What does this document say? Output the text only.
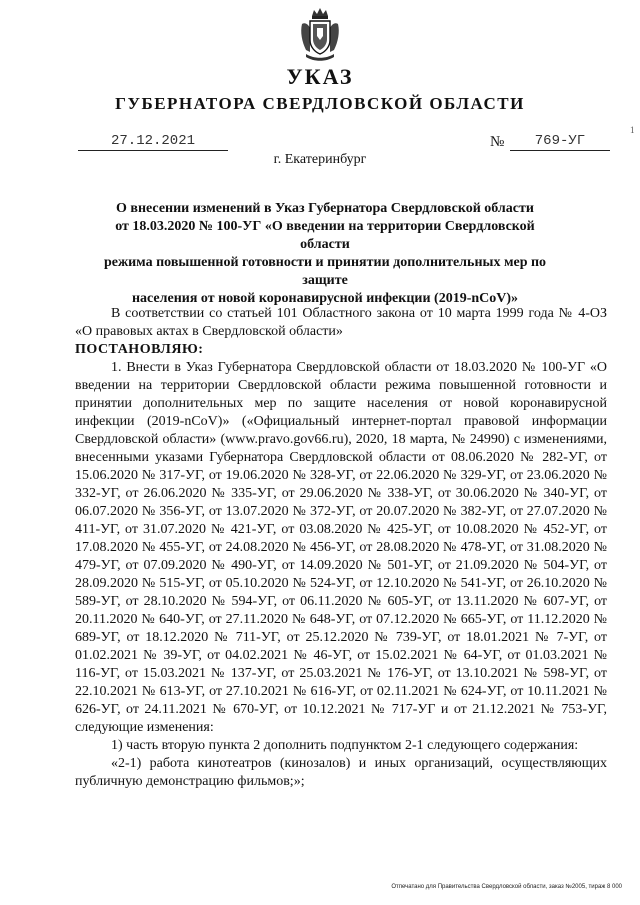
УКАЗ
ГУБЕРНАТОРА СВЕРДЛОВСКОЙ ОБЛАСТИ
27.12.2021	№	769-УГ
1
г. Екатеринбург
О внесении изменений в Указ Губернатора Свердловской области
от 18.03.2020 № 100-УГ «О введении на территории Свердловской области
режима повышенной готовности и принятии дополнительных мер по защите
населения от новой коронавирусной инфекции (2019-nCoV)»

В соответствии со статьей 101 Областного закона от 10 марта 1999 года № 4-ОЗ «О правовых актах в Свердловской области»

ПОСТАНОВЛЯЮ:

1. Внести в Указ Губернатора Свердловской области от 18.03.2020 № 100-УГ «О введении на территории Свердловской области режима повышенной готовности и принятии дополнительных мер по защите населения от новой коронавирусной инфекции (2019-nCoV)» («Официальный интернет-портал правовой информации Свердловской области» (www.pravo.gov66.ru), 2020, 18 марта, № 24990) с изменениями, внесенными указами Губернатора Свердловской области от 08.06.2020 № 282-УГ, от 15.06.2020 № 317-УГ, от 19.06.2020 № 328-УГ, от 22.06.2020 № 329-УГ, от 23.06.2020 № 332-УГ, от 26.06.2020 № 335-УГ, от 29.06.2020 № 338-УГ, от 30.06.2020 № 340-УГ, от 06.07.2020 № 356-УГ, от 13.07.2020 № 372-УГ, от 20.07.2020 № 382-УГ, от 27.07.2020 № 411-УГ, от 31.07.2020 № 421-УГ, от 03.08.2020 № 425-УГ, от 10.08.2020 № 452-УГ, от 17.08.2020 № 455-УГ, от 24.08.2020 № 456-УГ, от 28.08.2020 № 478-УГ, от 31.08.2020 № 479-УГ, от 07.09.2020 № 490-УГ, от 14.09.2020 № 501-УГ, от 21.09.2020 № 504-УГ, от 28.09.2020 № 515-УГ, от 05.10.2020 № 524-УГ, от 12.10.2020 № 541-УГ, от 26.10.2020 № 589-УГ, от 28.10.2020 № 594-УГ, от 06.11.2020 № 605-УГ, от 13.11.2020 № 607-УГ, от 20.11.2020 № 640-УГ, от 27.11.2020 № 648-УГ, от 07.12.2020 № 665-УГ, от 11.12.2020 № 689-УГ, от 18.12.2020 № 711-УГ, от 25.12.2020 № 739-УГ, от 18.01.2021 № 7-УГ, от 01.02.2021 № 39-УГ, от 04.02.2021 № 46-УГ, от 15.02.2021 № 64-УГ, от 01.03.2021 № 116-УГ, от 15.03.2021 № 137-УГ, от 25.03.2021 № 176-УГ, от 13.10.2021 № 598-УГ, от 22.10.2021 № 613-УГ, от 27.10.2021 № 616-УГ, от 02.11.2021 № 624-УГ, от 10.11.2021 № 626-УГ, от 24.11.2021 № 670-УГ, от 10.12.2021 № 717-УГ и от 21.12.2021 № 753-УГ, следующие изменения:

1) часть вторую пункта 2 дополнить подпунктом 2-1 следующего содержания:

«2-1) работа кинотеатров (кинозалов) и иных организаций, осуществляющих публичную демонстрацию фильмов;»;

Отпечатано для Правительства Свердловской области, заказ №2005, тираж 8 000
